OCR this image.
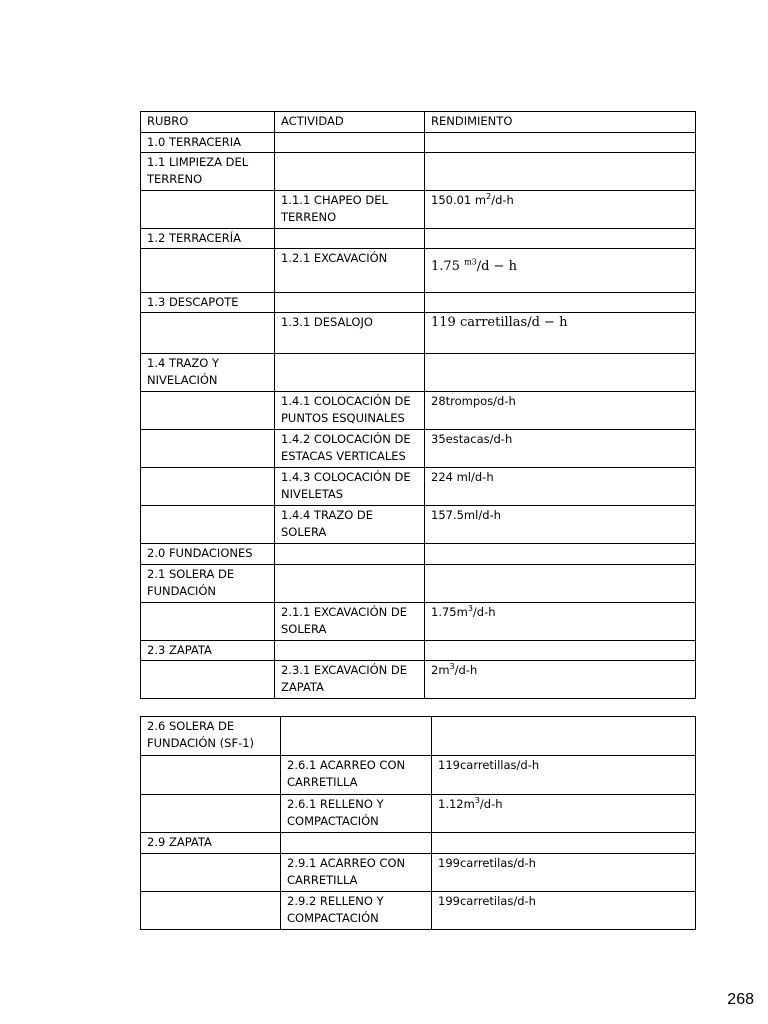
RUBRO	ACTIVIDAD	RENDIMIENTO
1.0 TERRACERIA		
1.1 LIMPIEZA DEL TERRENO		
	1.1.1 CHAPEO DEL TERRENO	150.01 $m^2/d-h$
1.2 TERRACERÍA		
	1.2.1 EXCAVACIÓN	1.75 $^{m3}$/d − h
1.3 DESCAPOTE		
	1.3.1 DESALOJO	119 carretillas/d − h
1.4 TRAZO Y NIVELACIÓN		
	1.4.1 COLOCACIÓN DE PUNTOS ESQUINALES	28trompos/d-h
	1.4.2 COLOCACIÓN DE ESTACAS VERTICALES	35estacas/d-h
	1.4.3 COLOCACIÓN DE NIVELETAS	224 ml/d-h
	1.4.4 TRAZO DE SOLERA	157.5ml/d-h
2.0 FUNDACIONES		
2.1 SOLERA DE FUNDACIÓN		
	2.1.1 EXCAVACIÓN DE SOLERA	$1.75m^3/d-h$
2.3 ZAPATA		
	2.3.1 EXCAVACIÓN DE ZAPATA	$2m^3/d-h$
2.6 SOLERA DE FUNDACIÓN (SF-1)		
	2.6.1 ACARREO CON CARRETILLA	119carretillas/d-h
	2.6.1 RELLENO Y COMPACTACIÓN	$1.12m^3/d-h$
2.9 ZAPATA		
	2.9.1 ACARREO CON CARRETILLA	199carretilas/d-h
	2.9.2 RELLENO Y COMPACTACIÓN	199carretilas/d-h
268
